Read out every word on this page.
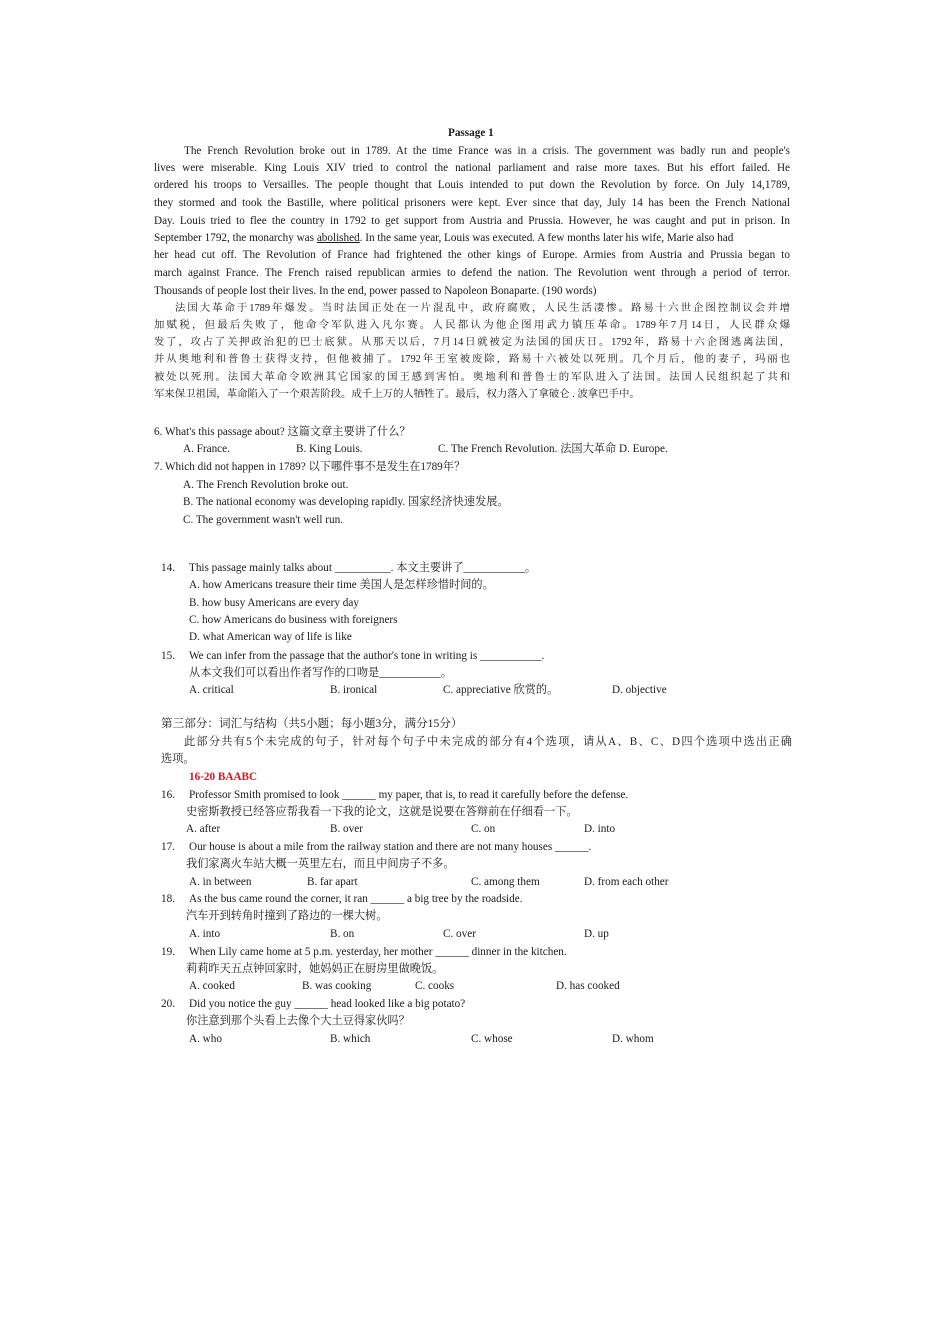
Passage 1
The French Revolution broke out in 1789. At the time France was in a crisis. The government was badly run and people's
lives were miserable. King Louis XIV tried to control the national parliament and raise more taxes. But his effort failed. He
ordered his troops to Versailles. The people thought that Louis intended to put down the Revolution by force. On July 14,1789,
they stormed and took the Bastille, where political prisoners were kept. Ever since that day, July 14 has been the French National
Day. Louis tried to flee the country in 1792 to get support from Austria and Prussia. However, he was caught and put in prison. In
September 1792, the monarchy was abolished. In the same year, Louis was executed. A few months later his wife, Marie also had
her head cut off. The Revolution of France had frightened the other kings of Europe. Armies from Austria and Prussia began to
march against France. The French raised republican armies to defend the nation. The Revolution went through a period of terror.
Thousands of people lost their lives. In the end, power passed to Napoleon Bonaparte. (190 words)
法国大革命于1789年爆发。当时法国正处在一片混乱中，政府腐败，人民生活凄惨。路易十六世企图控制议会并增
加赋税，但最后失败了，他命令军队进入凡尔赛。人民都认为他企图用武力镇压革命。1789年7月14日，人民群众爆
发了，攻占了关押政治犯的巴士底狱。从那天以后，7月14日就被定为法国的国庆日。1792年，路易十六企图逃离法国，
并从奥地利和普鲁士获得支持，但他被捕了。1792年王室被废除，路易十六被处以死刑。几个月后，他的妻子，玛丽也
被处以死刑。法国大革命令欧洲其它国家的国王感到害怕。奥地利和普鲁士的军队进入了法国。法国人民组织起了共和
军来保卫祖国，革命陷入了一个艰苦阶段。成千上万的人牺牲了。最后，权力落入了拿破仑 . 波拿巴手中。
6. What's this passage about? 这篇文章主要讲了什么？
A. France.	B. King Louis.	C. The French Revolution. 法国大革命 D. Europe.
7. Which did not happen in 1789? 以下哪件事不是发生在1789年？
A. The French Revolution broke out.
B. The national economy was developing rapidly. 国家经济快速发展。
C. The government wasn't well run.
14. This passage mainly talks about __________. 本文主要讲了___________。
A. how Americans treasure their time 美国人是怎样珍惜时间的。
B. how busy Americans are every day
C. how Americans do business with foreigners
D. what American way of life is like
15. We can infer from the passage that the author's tone in writing is ___________.
从本文我们可以看出作者写作的口吻是___________。
A. critical	B. ironical	C. appreciative 欣赏的。	D. objective
第三部分：词汇与结构（共5小题；每小题3分，满分15分）
此部分共有5个未完成的句子，针对每个句子中未完成的部分有4个选项，请从A、B、C、D四个选项中选出正确
选项。
16-20 BAABC
16. Professor Smith promised to look ______ my paper, that is, to read it carefully before the defense.
史密斯教授已经答应帮我看一下我的论文，这就是说要在答辩前在仔细看一下。
A. after	B. over	C. on	D. into
17. Our house is about a mile from the railway station and there are not many houses ______.
我们家离火车站大概一英里左右，而且中间房子不多。
A. in between	B. far apart	C. among them	D. from each other
18. As the bus came round the corner, it ran ______ a big tree by the roadside.
汽车开到转角时撞到了路边的一棵大树。
A. into	B. on	C. over	D. up
19. When Lily came home at 5 p.m. yesterday, her mother ______ dinner in the kitchen.
莉莉昨天五点钟回家时，她妈妈正在厨房里做晚饭。
A. cooked	B. was cooking	C. cooks	D. has cooked
20. Did you notice the guy ______ head looked like a big potato?
你注意到那个头看上去像个大土豆得家伙吗？
A. who	B. which	C. whose	D. whom
